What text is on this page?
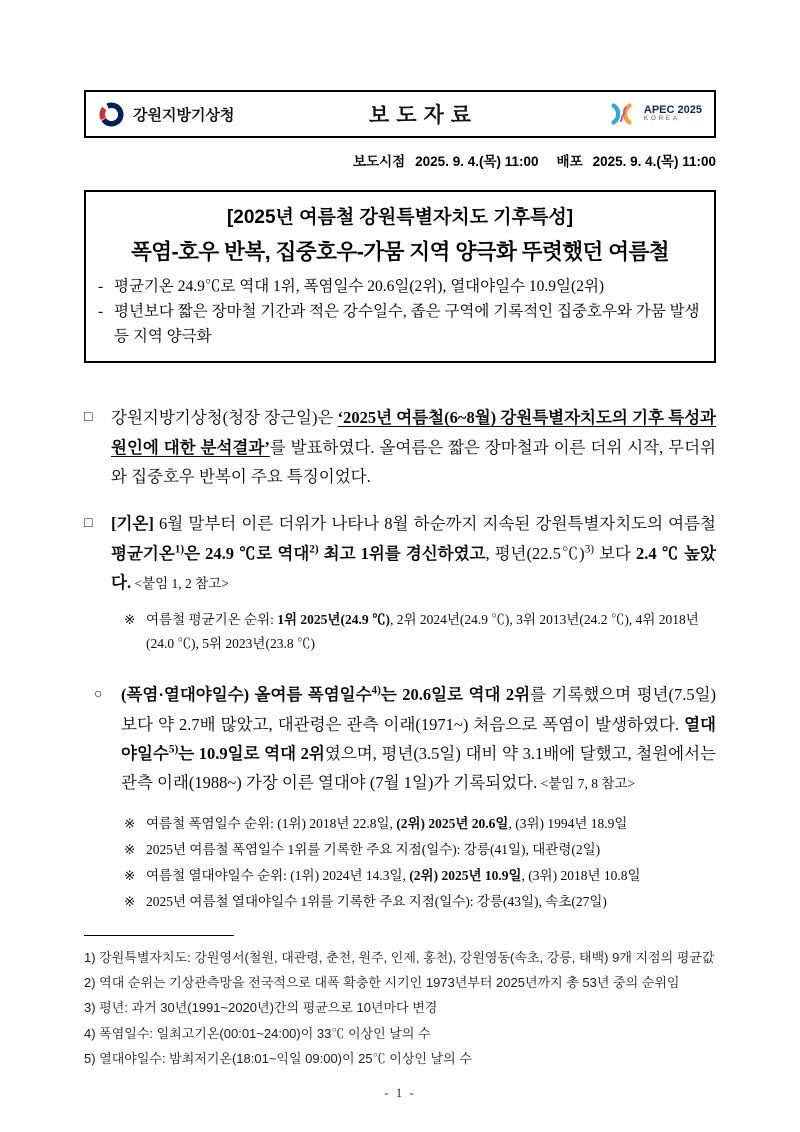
강원지방기상청	보도자료	APEC 2025
KOREA
보도시점 2025. 9. 4.(목) 11:00 배포 2025. 9. 4.(목) 11:00
[2025년 여름철 강원특별자치도 기후특성]
폭염-호우 반복, 집중호우-가뭄 지역 양극화 뚜렷했던 여름철
- 평균기온 24.9℃로 역대 1위, 폭염일수 20.6일(2위), 열대야일수 10.9일(2위)
- 평년보다 짧은 장마철 기간과 적은 강수일수, 좁은 구역에 기록적인 집중호우와 가뭄 발생 등 지역 양극화
□	강원지방기상청(청장 장근일)은 ‘2025년 여름철(6~8월) 강원특별자치도의 기후 특성과 원인에 대한 분석결과’를 발표하였다. 올여름은 짧은 장마철과 이른 더위 시작, 무더위와 집중호우 반복이 주요 특징이었다.
□	[기온] 6월 말부터 이른 더위가 나타나 8월 하순까지 지속된 강원특별자치도의 여름철 평균기온$^{1)}$은 24.9 ℃로 역대$^{2)}$ 최고 1위를 경신하였고, 평년(22.5℃)$^{3)}$ 보다 2.4 ℃ 높았다. <붙임 1, 2 참고>
※ 여름철 평균기온 순위: 1위 2025년(24.9 ℃), 2위 2024년(24.9 ℃), 3위 2013년(24.2 ℃), 4위 2018년(24.0 ℃), 5위 2023년(23.8 ℃)
○	(폭염·열대야일수) 올여름 폭염일수$^{4)}$는 20.6일로 역대 2위를 기록했으며 평년(7.5일)보다 약 2.7배 많았고, 대관령은 관측 이래(1971~) 처음으로 폭염이 발생하였다. 열대야일수$^{5)}$는 10.9일로 역대 2위였으며, 평년(3.5일) 대비 약 3.1배에 달했고, 철원에서는 관측 이래(1988~) 가장 이른 열대야 (7월 1일)가 기록되었다. <붙임 7, 8 참고>
※ 여름철 폭염일수 순위: (1위) 2018년 22.8일, (2위) 2025년 20.6일, (3위) 1994년 18.9일
※ 2025년 여름철 폭염일수 1위를 기록한 주요 지점(일수): 강릉(41일), 대관령(2일)
※ 여름철 열대야일수 순위: (1위) 2024년 14.3일, (2위) 2025년 10.9일, (3위) 2018년 10.8일
※ 2025년 여름철 열대야일수 1위를 기록한 주요 지점(일수): 강릉(43일), 속초(27일)
1) 강원특별자치도: 강원영서(철원, 대관령, 춘천, 원주, 인제, 홍천), 강원영동(속초, 강릉, 태백) 9개 지점의 평균값
2) 역대 순위는 기상관측망을 전국적으로 대폭 확충한 시기인 1973년부터 2025년까지 총 53년 중의 순위임
3) 평년: 과거 30년(1991~2020년)간의 평균으로 10년마다 변경
4) 폭염일수: 일최고기온(00:01~24:00)이 33℃ 이상인 날의 수
5) 열대야일수: 밤최저기온(18:01~익일 09:00)이 25℃ 이상인 날의 수
- 1 -
